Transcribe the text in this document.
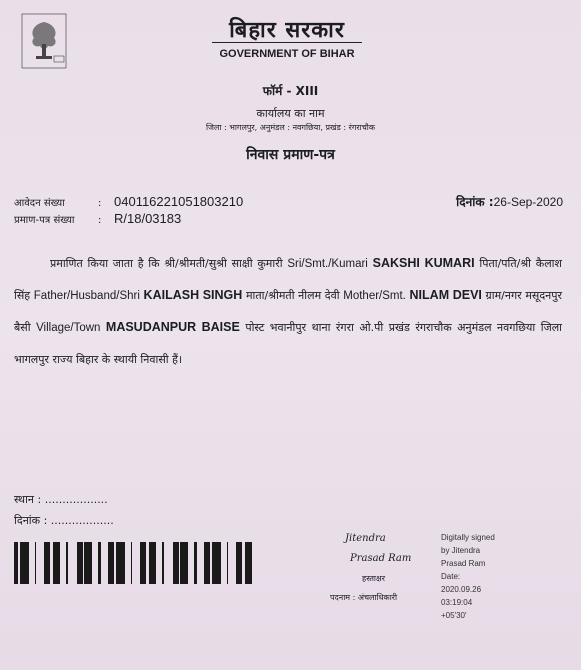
बिहार सरकार
GOVERNMENT OF BIHAR
फॉर्म - XIII
कार्यालय का नाम
जिला : भागलपुर, अनुमंडल : नवगछिया, प्रखंड : रंगराचौक
निवास प्रमाण-पत्र
आवेदन संख्या	: 040116221051803210
प्रमाण-पत्र संख्या : R/18/03183
दिनांक :26-Sep-2020
प्रमाणित किया जाता है कि श्री/श्रीमती/सुश्री साक्षी कुमारी Sri/Smt./Kumari SAKSHI KUMARI पिता/पति/श्री कैलाश सिंह Father/Husband/Shri KAILASH SINGH माता/श्रीमती नीलम देवी Mother/Smt. NILAM DEVI ग्राम/नगर मसूदनपुर बैसी Village/Town MASUDANPUR BAISE पोस्ट भवानीपुर थाना रंगरा ओ.पी प्रखंड रंगराचौक अनुमंडल नवगछिया जिला भागलपुर राज्य बिहार के स्थायी निवासी हैं।
स्थान : ..................
दिनांक : ..................
Jitendra
Prasad Ram
हस्ताक्षर
पदनाम : अंचलाधिकारी
Digitally signed
by Jitendra
Prasad Ram
Date:
2020.09.26
03:19:04
+05'30'
